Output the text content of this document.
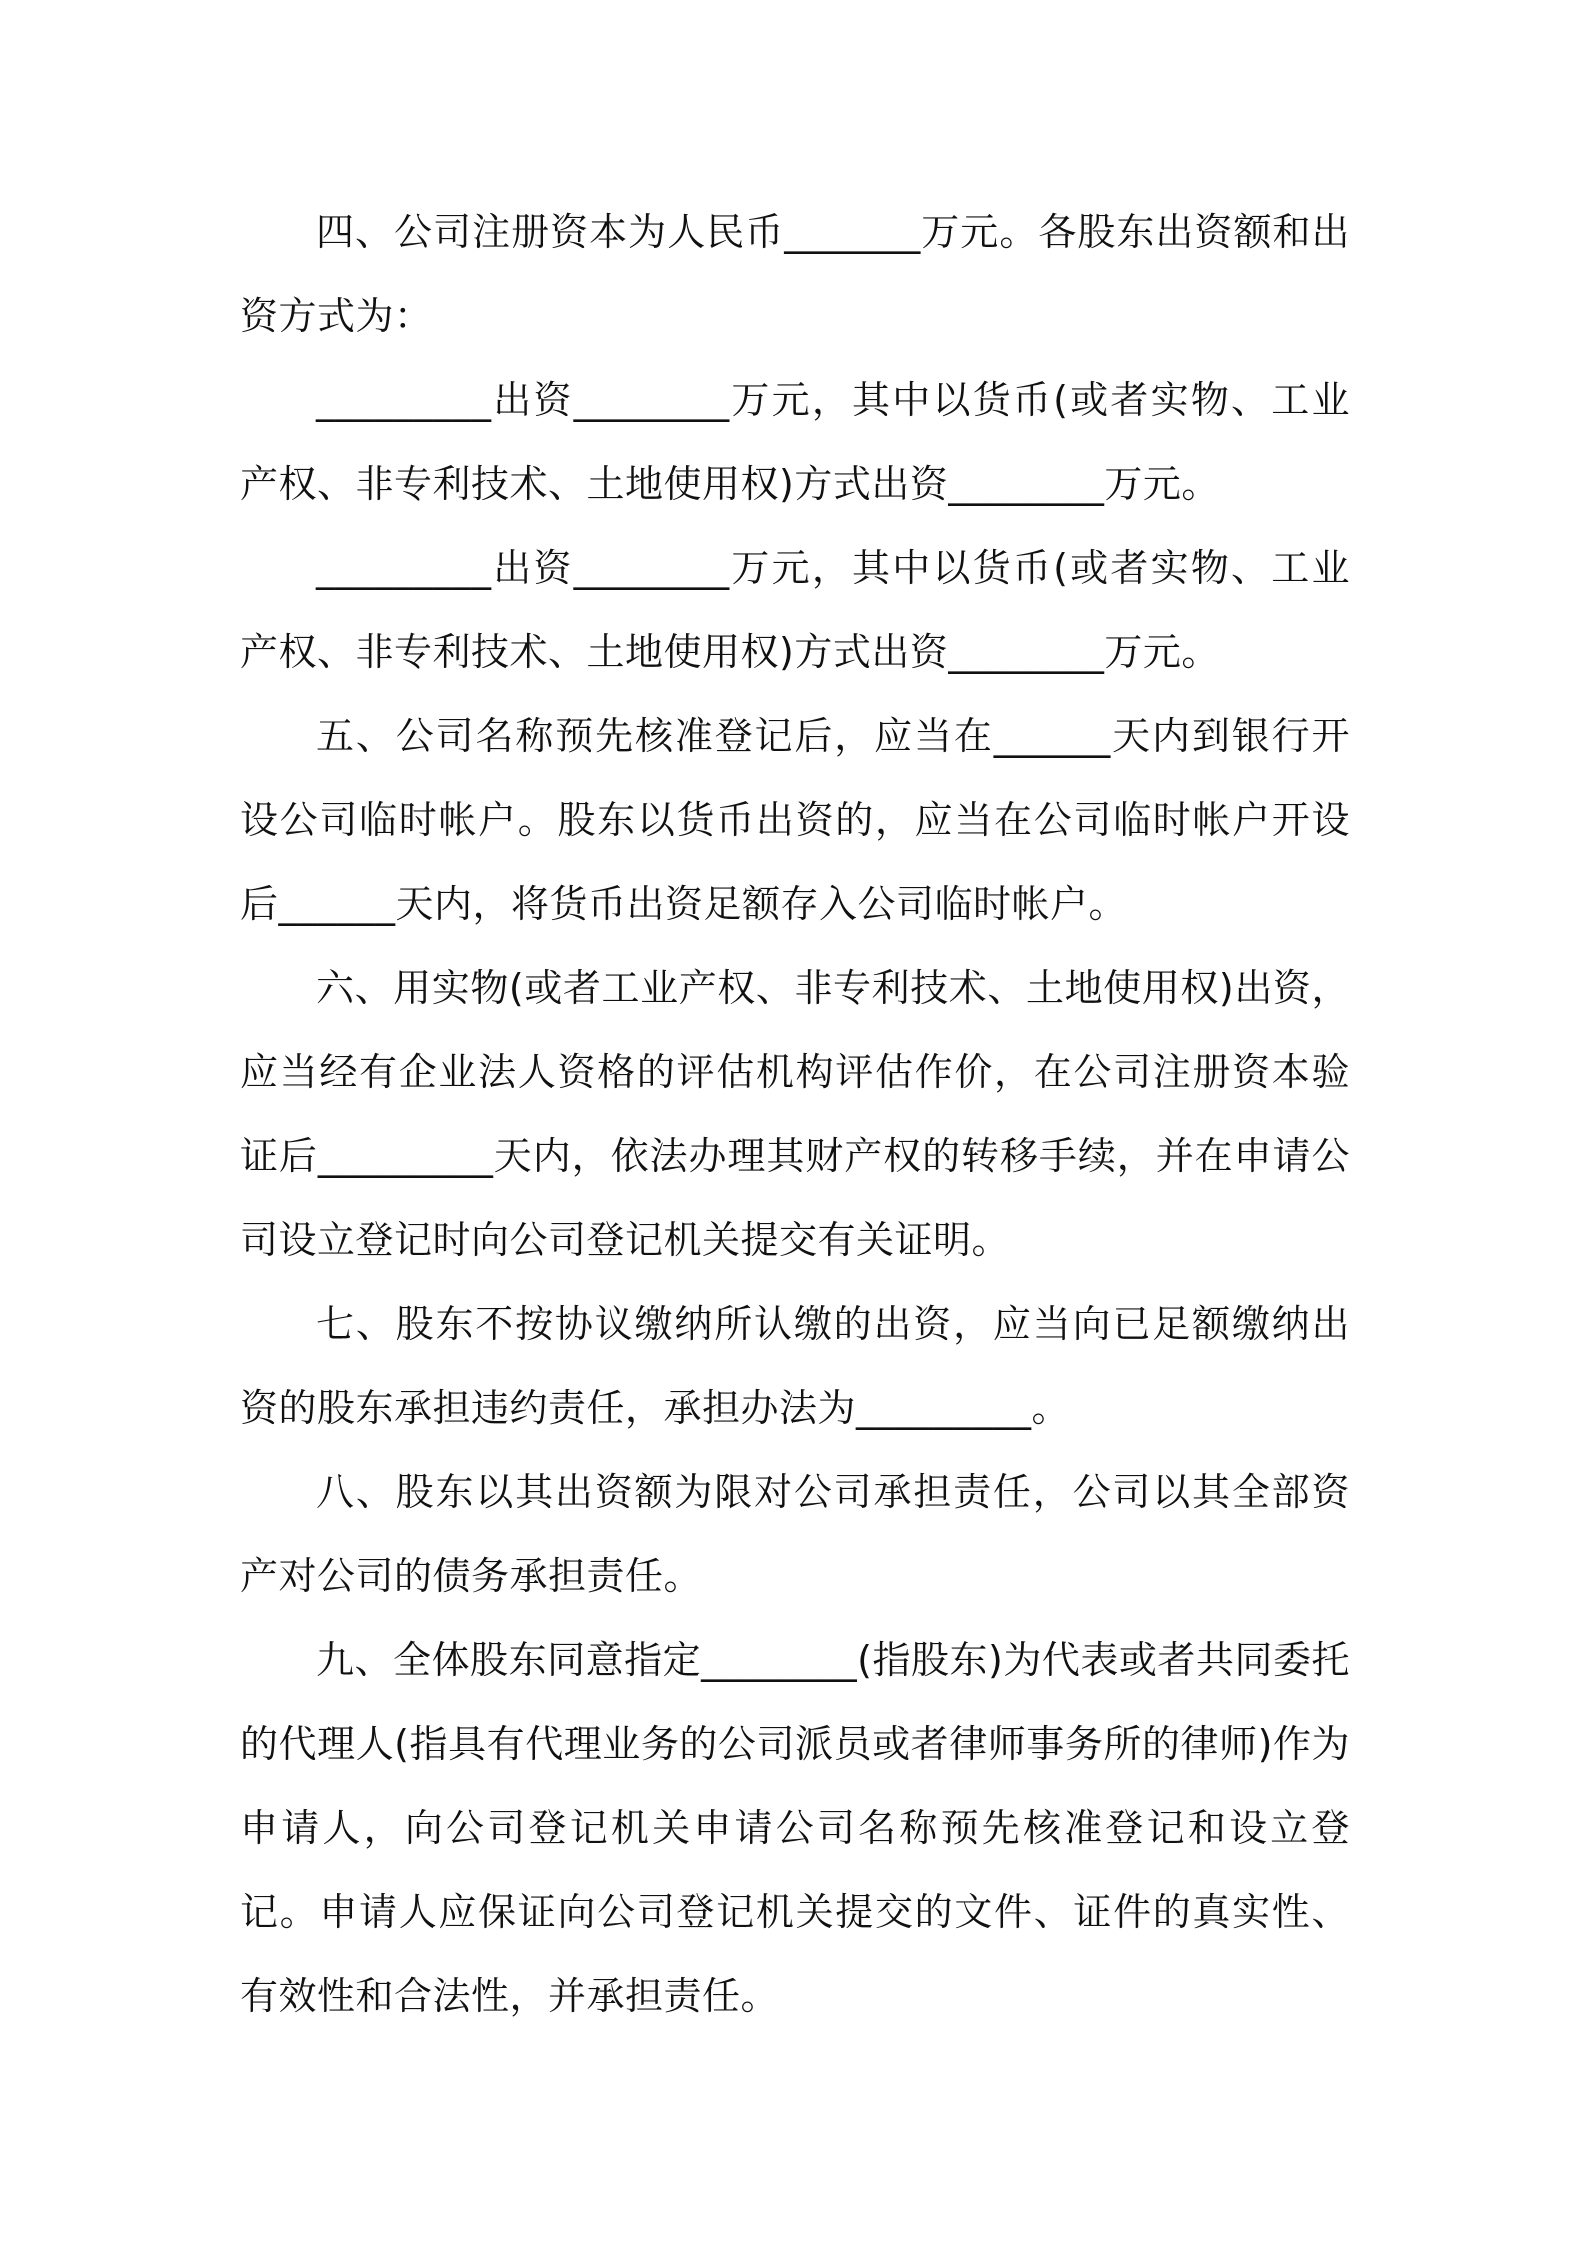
四、公司注册资本为人民币_______万元。各股东出资额和出资方式为：

_________出资________万元，其中以货币(或者实物、工业产权、非专利技术、土地使用权)方式出资________万元。

_________出资________万元，其中以货币(或者实物、工业产权、非专利技术、土地使用权)方式出资________万元。

五、公司名称预先核准登记后，应当在______天内到银行开设公司临时帐户。股东以货币出资的，应当在公司临时帐户开设后______天内，将货币出资足额存入公司临时帐户。

六、用实物(或者工业产权、非专利技术、土地使用权)出资，应当经有企业法人资格的评估机构评估作价，在公司注册资本验证后_________天内，依法办理其财产权的转移手续，并在申请公司设立登记时向公司登记机关提交有关证明。

七、股东不按协议缴纳所认缴的出资，应当向已足额缴纳出资的股东承担违约责任，承担办法为_________。

八、股东以其出资额为限对公司承担责任，公司以其全部资产对公司的债务承担责任。

九、全体股东同意指定________(指股东)为代表或者共同委托的代理人(指具有代理业务的公司派员或者律师事务所的律师)作为申请人，向公司登记机关申请公司名称预先核准登记和设立登记。申请人应保证向公司登记机关提交的文件、证件的真实性、有效性和合法性，并承担责任。
